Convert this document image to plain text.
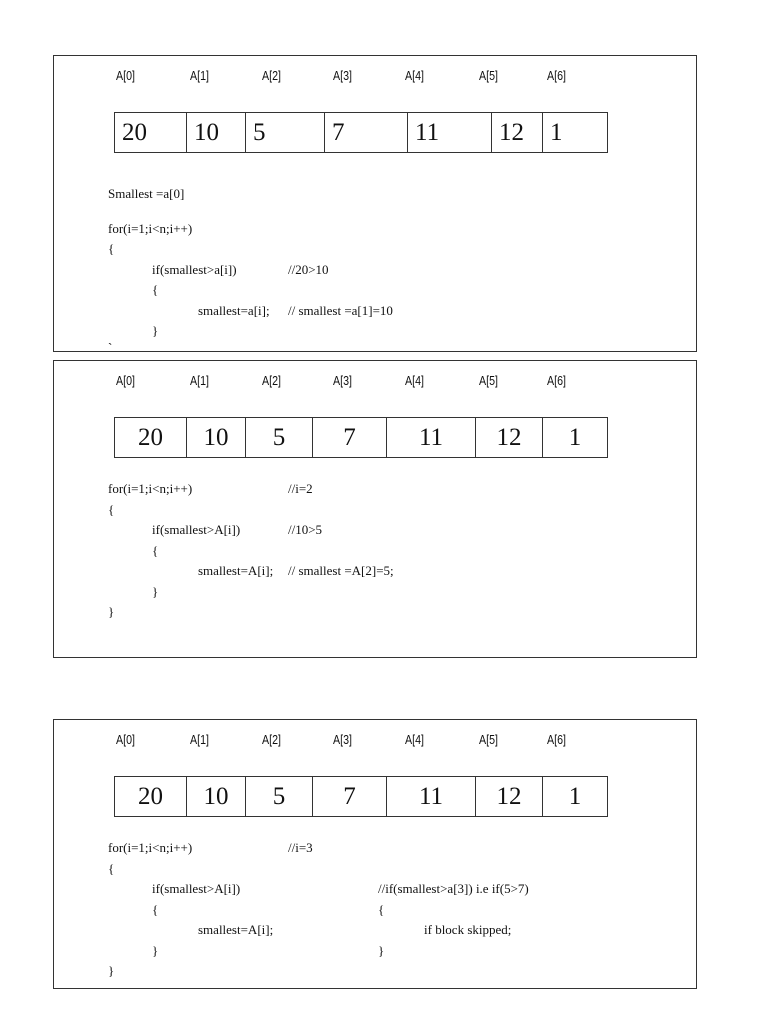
A[0]	A[1]	A[2]	A[3]	A[4]	A[5]	A[6]
20	10	5	7	11	12	1
Smallest =a[0]
for(i=1;i<n;i++)
{
if(smallest>a[i])	//20>10
{
smallest=a[i]; // smallest =a[1]=10
}
`
A[0]	A[1]	A[2]	A[3]	A[4]	A[5]	A[6]
20	10	5	7	11	12	1
for(i=1;i<n;i++)	//i=2
{
if(smallest>A[i])	//10>5
{
smallest=A[i]; // smallest =A[2]=5;
}
}
A[0]	A[1]	A[2]	A[3]	A[4]	A[5]	A[6]
20	10	5	7	11	12	1
for(i=1;i<n;i++)	//i=3
{
if(smallest>A[i])	//if(smallest>a[3]) i.e if(5>7)
{	{
smallest=A[i];	if block skipped;
}	}
}
